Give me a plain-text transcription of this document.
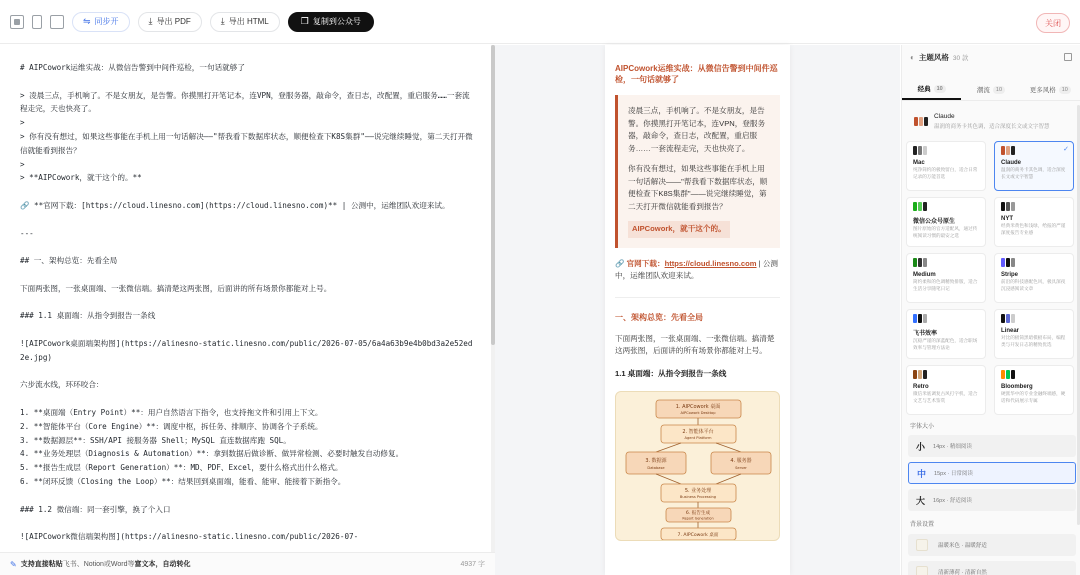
⇋ 同步开	⤓ 导出 PDF	⤓ 导出 HTML	❐ 复制到公众号	关闭
# AIPCowork运维实战：从微信告警到中间件巡检，一句话就够了

> 凌晨三点，手机响了。不是女朋友，是告警。你摸黑打开笔记本，连VPN，登服务器，敲命令，查日志，改配置，重启服务……一套流程走完，天也快亮了。
>
> 你有没有想过，如果这些事能在手机上用一句话解决——"帮我看下数据库状态，顺便检查下K8S集群"——说完继续睡觉，第二天打开微信就能看到报告？
>
> **AIPCowork，就干这个的。**

🔗 **官网下载：[https://cloud.linesno.com](https://cloud.linesno.com)** | 公测中，运维团队欢迎来试。

---

## 一、架构总览：先看全局

下面两张图，一张桌面端、一张微信端。搞清楚这两张图，后面讲的所有场景你都能对上号。

### 1.1 桌面端：从指令到报告一条线

![AIPCowork桌面端架构图](https://alinesno-static.linesno.com/public/2026-07-05/6a4a63b9e4b0bd3a2e52ed2e.jpg)

六步流水线，环环咬合：

1. **桌面端（Entry Point）**：用户自然语言下指令，也支持拖文件和引用上下文。
2. **智能体平台（Core Engine）**：调度中枢，拆任务、排顺序、协调各个子系统。
3. **数据源层**：SSH/API 接服务器 Shell；MySQL 直连数据库跑 SQL。
4. **业务处理层（Diagnosis & Automation）**：拿到数据后做诊断、做异常检测、必要时触发自动修复。
5. **报告生成层（Report Generation）**：MD、PDF、Excel，要什么格式出什么格式。
6. **闭环反馈（Closing the Loop）**：结果回到桌面端，能看、能审、能接着下新指令。

### 1.2 微信端：同一套引擎，换了个入口

![AIPCowork微信端架构图](https://alinesno-static.linesno.com/public/2026-07-
✎ 支持直接粘贴 飞书、Notion或Word等 富文本，自动转化	4937 字
AIPCowork运维实战：从微信告警到中间件巡检，一句话就够了

凌晨三点，手机响了。不是女朋友，是告警。你摸黑打开笔记本，连VPN，登服务器，敲命令，查日志，改配置，重启服务……一套流程走完，天也快亮了。

你有没有想过，如果这些事能在手机上用一句话解决——"帮我看下数据库状态，顺便检查下K8S集群"——说完继续睡觉，第二天打开微信就能看到报告？

AIPCowork，就干这个的。

🔗 官网下载：https://cloud.linesno.com | 公测中，运维团队欢迎来试。
一、架构总览：先看全局
下面两张图，一张桌面端、一张微信端。搞清楚这两张图，后面讲的所有场景你都能对上号。
1.1 桌面端：从指令到报告一条线
1. AIPCowork 桌面
AIPCowork Desktop
2. 智能体平台
Agent Platform
3. 数据源
Database
4. 服务器
Server
5. 业务处理
Business Processing
6. 报告生成
Report Generation
7. AIPCowork 桌面
◐ 主题风格 30 款
经典	10	潮流	10	更多风格	10
Claude
温润的商务卡其色调，适合深度长文或文字智慧
Mac
纯净简约的极致留白，适合日常记录的万能首选
✓
Claude
温润的商务卡其色调，适合深度长文或文字智慧
微信公众号原生
图片原始的官方适配风，通过传统阅读习惯的最安之选
NYT
经典米黄色和浅绿，给报的严谨深度报告专业感
Medium
简约柔和的色调精致排版，适合生活分享随笔日记
Stripe
前沿的科技感配色风，极具深夜沉浸感阅读文章
飞书效率
沉稳严谨的深蓝配色，适合职场效率与管理方法论
Linear
对比的极简黑暗模板布局，编程类与开发日志的精致优选
Retro
微信米底调复古风打字机，适合文艺与艺术鉴赏
Bloomberg
硬派华中的专业金融终端感，硬话和代码展示专属
字体大小
小 14px · 精细阅读
中 15px · 日常阅读
大 16px · 舒适阅读
背景设置
温暖米色 · 温暖舒适
清新薄荷 · 清新自然
